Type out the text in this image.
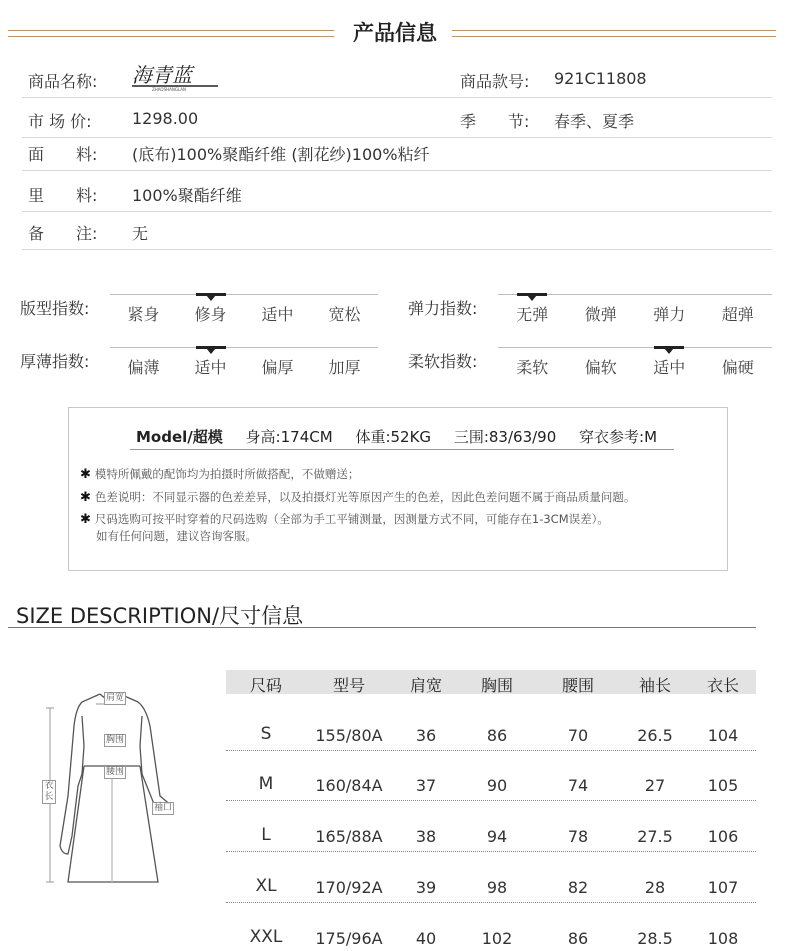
产品信息
商品名称:	海青蓝
ZHAOSHANGLAN	商品款号:	921C11808
市 场 价:	1298.00	季　　节:	春季、夏季
面　　料:	(底布)100%聚酯纤维 (割花纱)100%粘纤
里　　料:	100%聚酯纤维
备　　注:	无
版型指数:	紧身	修身	适中	宽松	弹力指数:	无弹	微弹	弹力	超弹
厚薄指数:	偏薄	适中	偏厚	加厚	柔软指数:	柔软	偏软	适中	偏硬
Model/超模 身高:174CM 体重:52KG 三围:83/63/90 穿衣参考:M
✱ 模特所佩戴的配饰均为拍摄时所做搭配，不做赠送；
✱ 色差说明：不同显示器的色差差异，以及拍摄灯光等原因产生的色差，因此色差问题不属于商品质量问题。
✱ 尺码选购可按平时穿着的尺码选购（全部为手工平铺测量，因测量方式不同，可能存在1-3CM误差）。
如有任何问题，建议咨询客服。
SIZE DESCRIPTION/尺寸信息
肩宽
胸围
腰围
袖口
衣长
尺码	型号	肩宽	胸围	腰围	袖长	衣长
S	155/80A	36	86	70	26.5	104
M	160/84A	37	90	74	27	105
L	165/88A	38	94	78	27.5	106
XL	170/92A	39	98	82	28	107
XXL	175/96A	40	102	86	28.5	108
